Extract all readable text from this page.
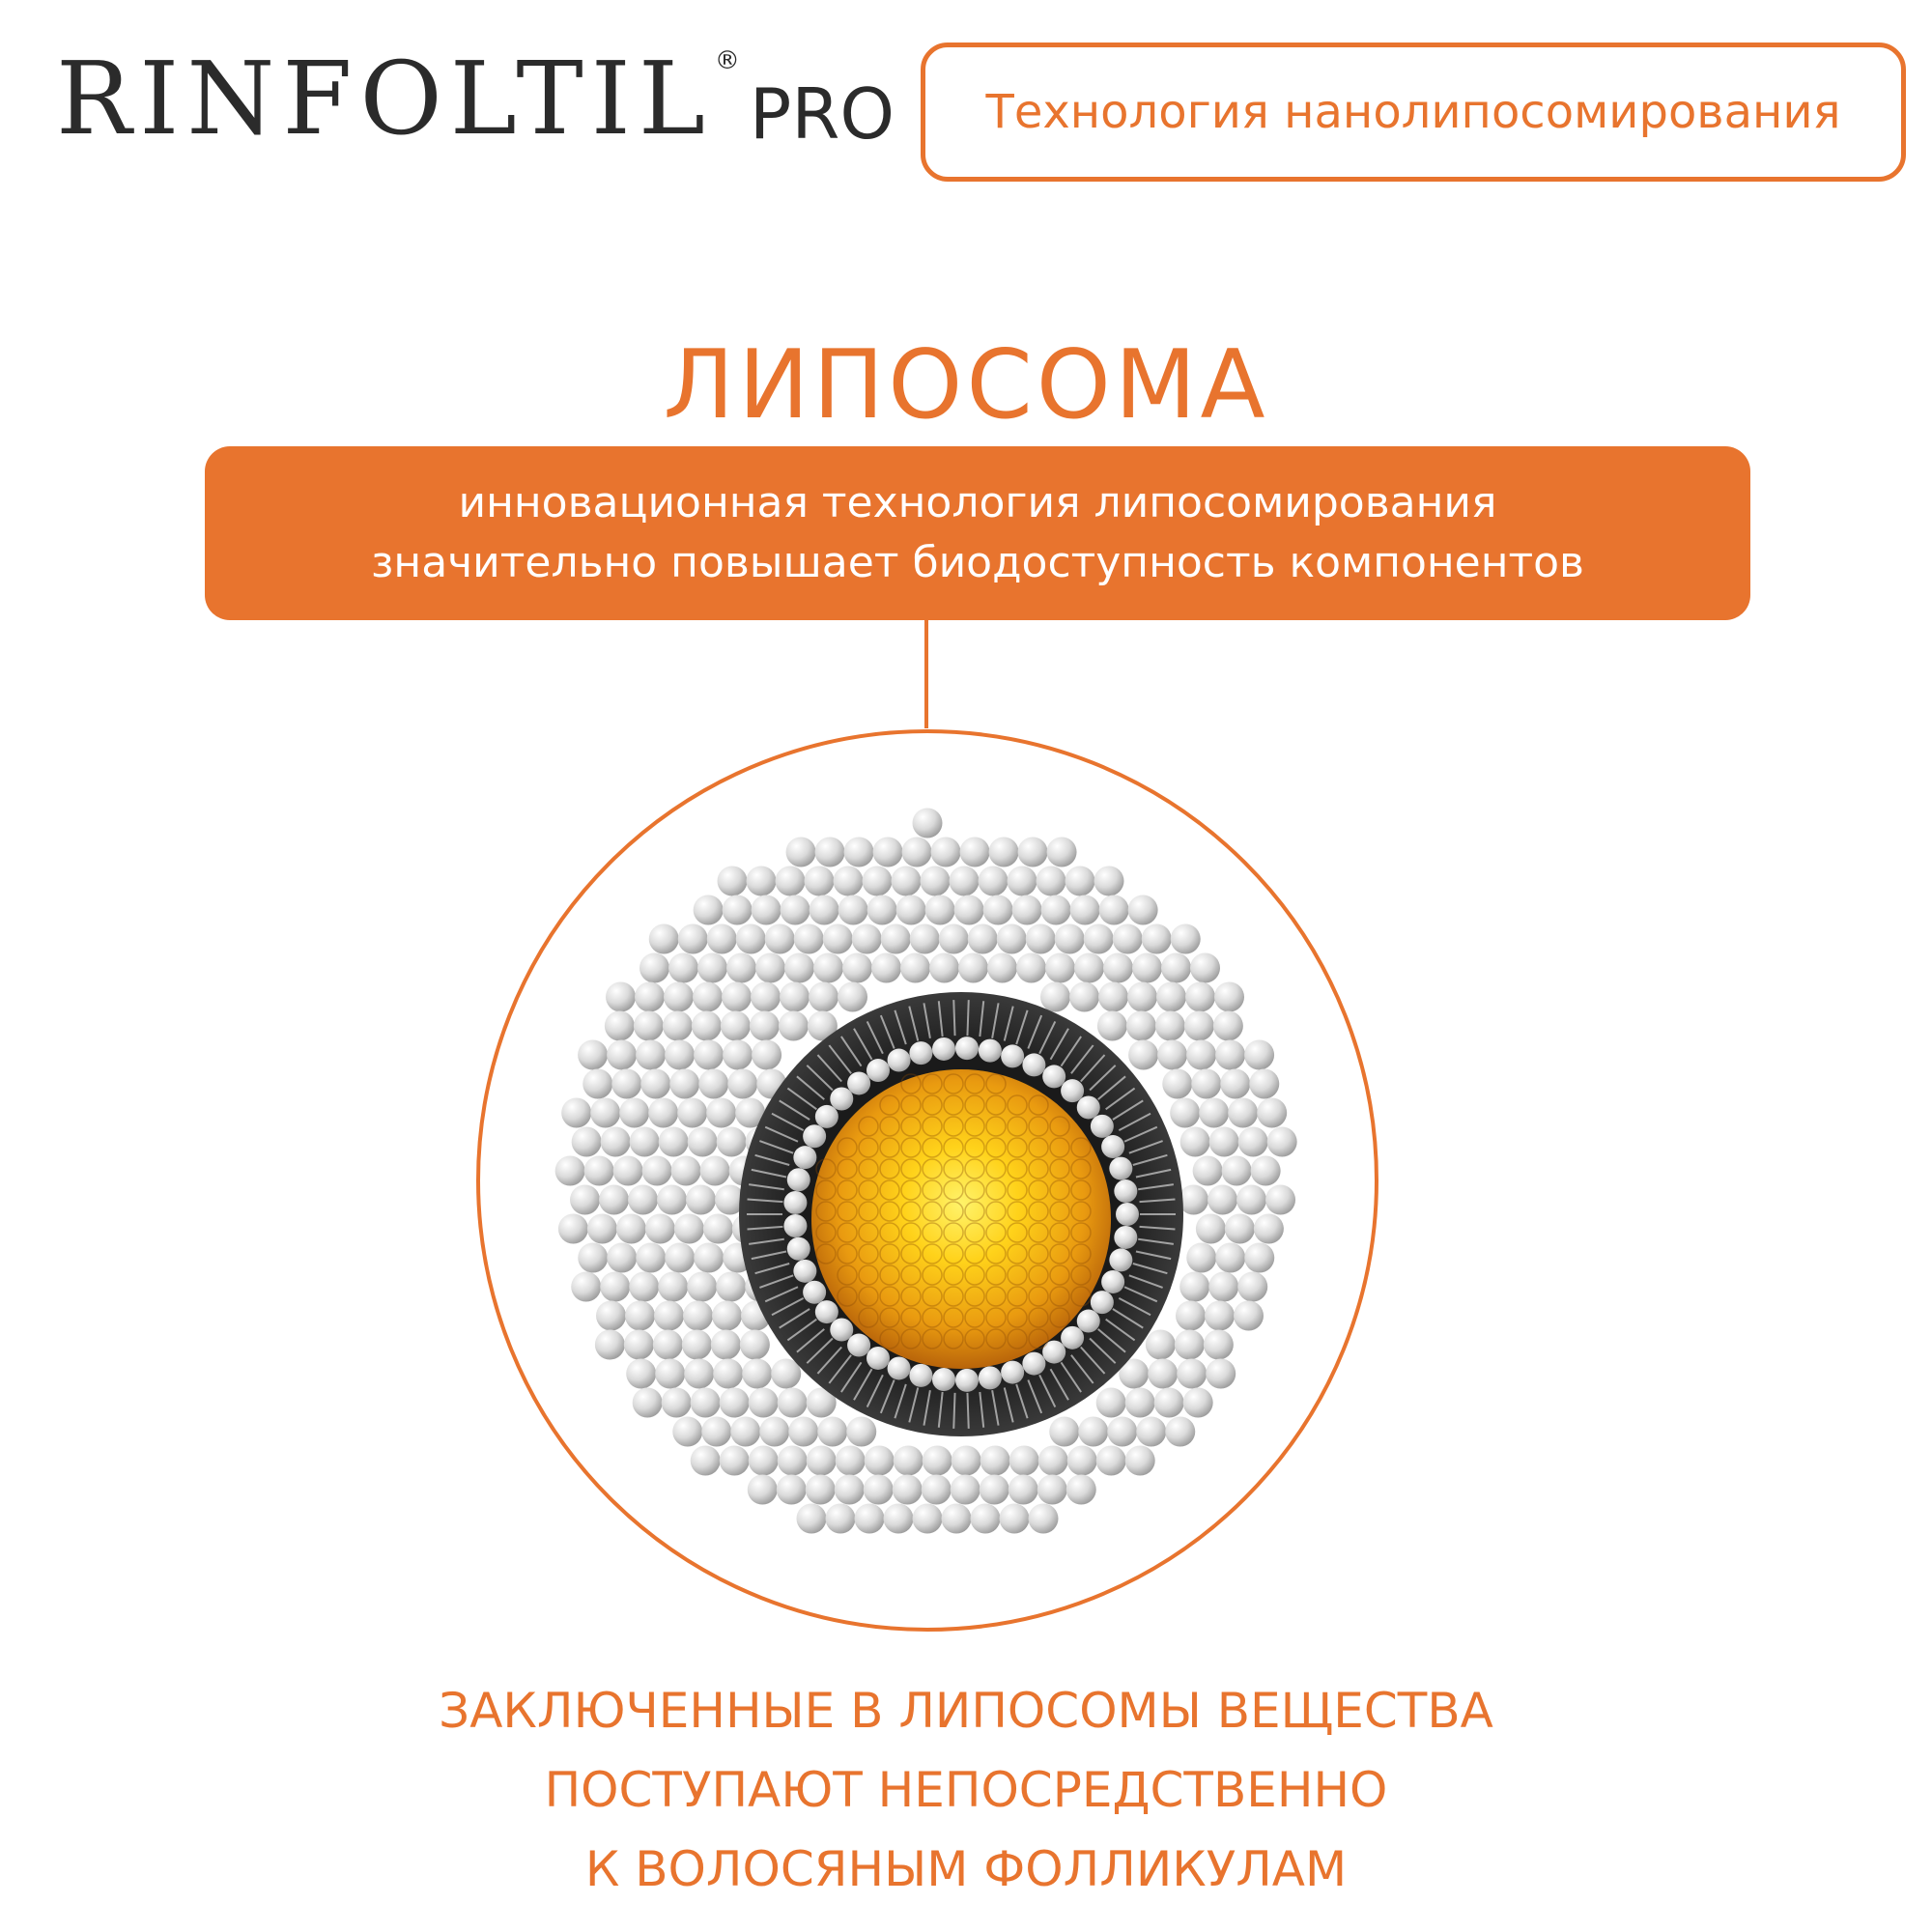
RINFOLTIL ®
PRO Технология нанолипосомирования
ЛИПОСОМА
инновационная технология липосомирования
значительно повышает биодоступность компонентов
ЗАКЛЮЧЕННЫЕ В ЛИПОСОМЫ ВЕЩЕСТВА
ПОСТУПАЮТ НЕПОСРЕДСТВЕННО
К ВОЛОСЯНЫМ ФОЛЛИКУЛАМ
